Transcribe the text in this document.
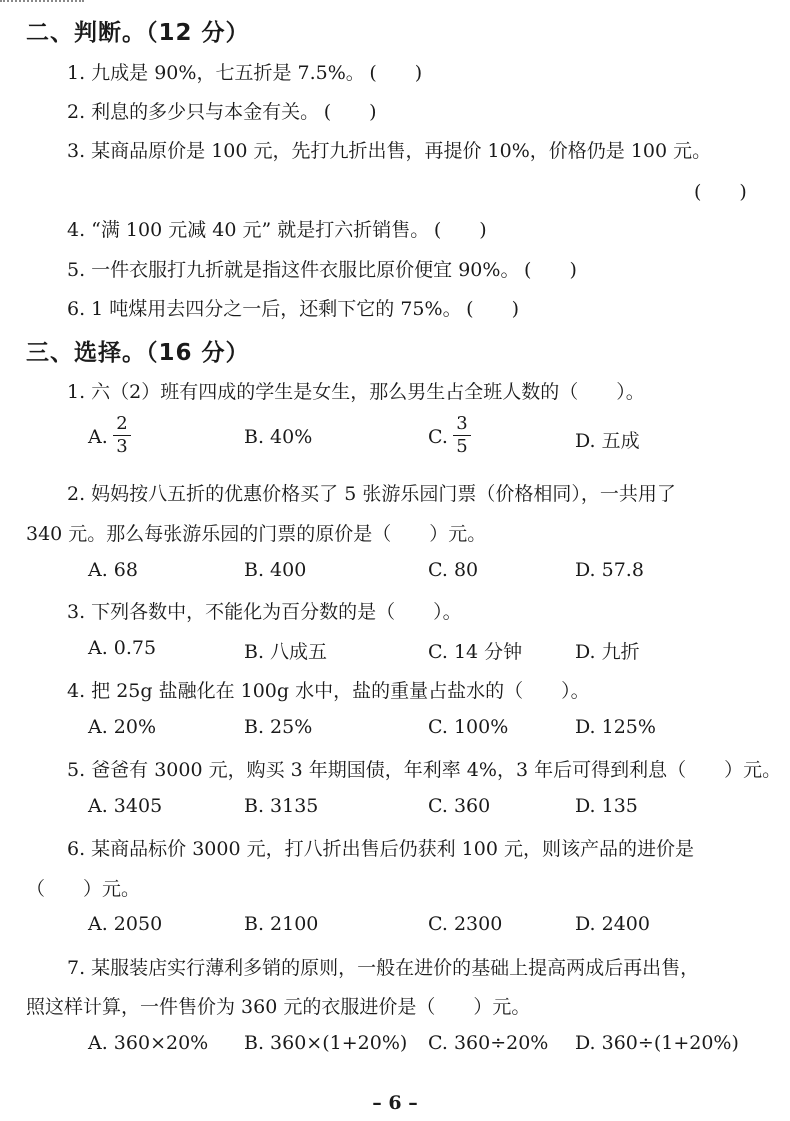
二、判断。（12 分）
1. 九成是 90%，七五折是 7.5%。 (　　)
2. 利息的多少只与本金有关。 (　　)
3. 某商品原价是 100 元，先打九折出售，再提价 10%，价格仍是 100 元。
(　　)
4. “满 100 元减 40 元” 就是打六折销售。 (　　)
5. 一件衣服打九折就是指这件衣服比原价便宜 90%。 (　　)
6. 1 吨煤用去四分之一后，还剩下它的 75%。 (　　)
三、选择。（16 分）
1. 六（2）班有四成的学生是女生，那么男生占全班人数的（　　）。
A.
2
3	B. 40%	C.
3
5	D. 五成
2. 妈妈按八五折的优惠价格买了 5 张游乐园门票（价格相同），一共用了
340 元。那么每张游乐园的门票的原价是（　　）元。
A. 68	B. 400	C. 80	D. 57.8
3. 下列各数中，不能化为百分数的是（　　）。
A. 0.75	B. 八成五	C. 14 分钟	D. 九折
4. 把 25g 盐融化在 100g 水中，盐的重量占盐水的（　　）。
A. 20%	B. 25%	C. 100%	D. 125%
5. 爸爸有 3000 元，购买 3 年期国债，年利率 4%，3 年后可得到利息（　　）元。
A. 3405	B. 3135	C. 360	D. 135
6. 某商品标价 3000 元，打八折出售后仍获利 100 元，则该产品的进价是
（　　）元。
A. 2050	B. 2100	C. 2300	D. 2400
7. 某服装店实行薄利多销的原则，一般在进价的基础上提高两成后再出售，
照这样计算，一件售价为 360 元的衣服进价是（　　）元。
A. 360×20% B. 360×(1+20%) C. 360÷20% D. 360÷(1+20%)
– 6 –
